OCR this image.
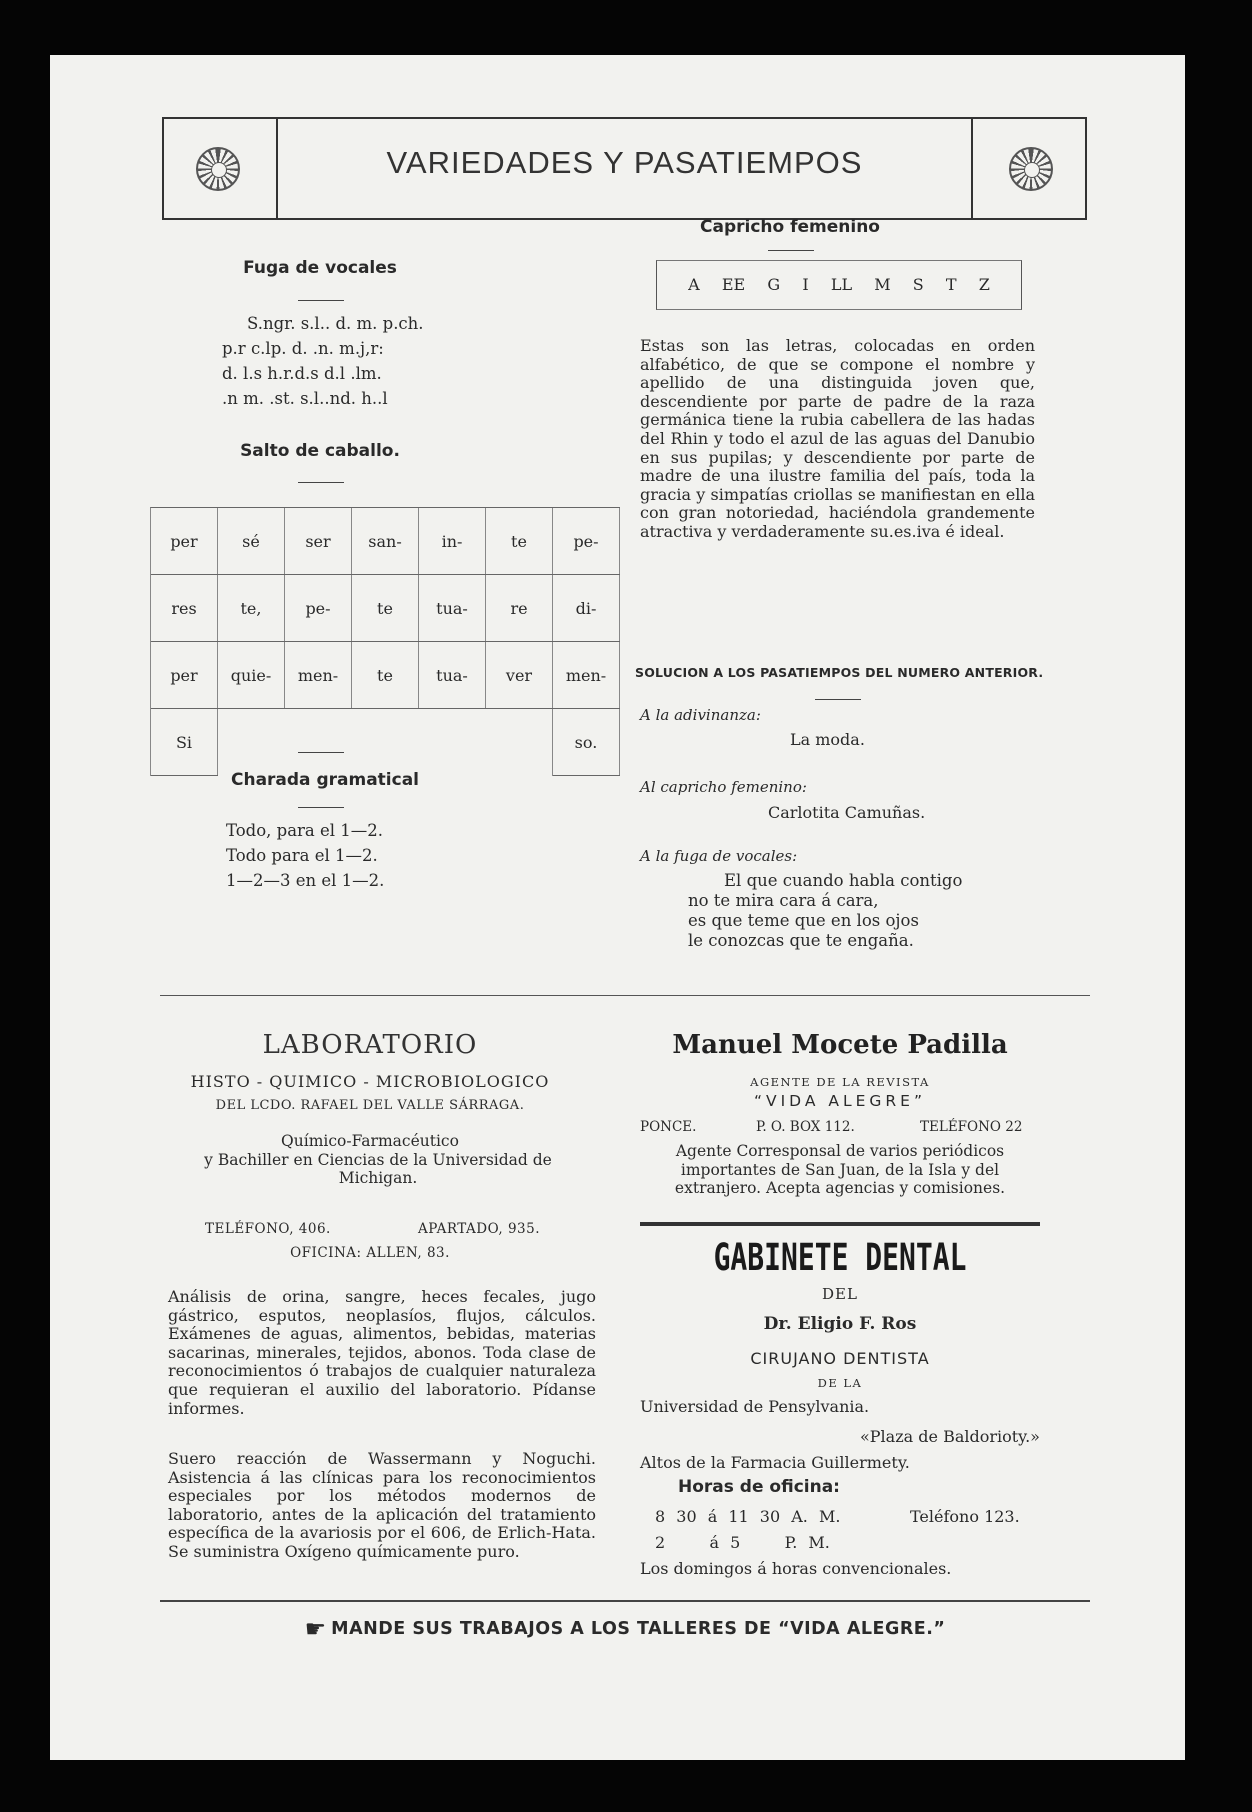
VARIEDADES Y PASATIEMPOS
Fuga de vocales
S.ngr. s.l.. d. m. p.ch.
p.r c.lp. d. .n. m.j,r:
d. l.s h.r.d.s d.l .lm.
.n m. .st. s.l..nd. h..l
Salto de caballo.
per	sé	ser	san-	in-	te	pe-
res	te,	pe-	te	tua-	re	di-
per	quie-	men-	te	tua-	ver	men-
Si						so.
Charada gramatical
Todo, para el 1—2.
Todo para el 1—2.
1—2—3 en el 1—2.
Capricho femenino
A  EE  G  I  LL  M  S  T  Z
Estas son las letras, colocadas en orden alfabético, de que se compone el nombre y apellido de una distinguida joven que, descendiente por parte de padre de la raza germánica tiene la rubia cabellera de las hadas del Rhin y todo el azul de las aguas del Danubio en sus pupilas; y descendiente por parte de madre de una ilustre familia del país, toda la gracia y simpatías criollas se manifiestan en ella con gran notoriedad, haciéndola grandemente atractiva y verdaderamente su.es.iva é ideal.
SOLUCION A LOS PASATIEMPOS DEL NUMERO ANTERIOR.
A la adivinanza:
La moda.
Al capricho femenino:
Carlotita Camuñas.
A la fuga de vocales:
El que cuando habla contigo
no te mira cara á cara,
es que teme que en los ojos
le conozcas que te engaña.
LABORATORIO
HISTO - QUIMICO - MICROBIOLOGICO
DEL LCDO. RAFAEL DEL VALLE SÁRRAGA.
Químico-Farmacéutico
y Bachiller en Ciencias de la Universidad de Michigan.
TELÉFONO, 406.	APARTADO, 935.
OFICINA: ALLEN, 83.
Análisis de orina, sangre, heces fecales, jugo gástrico, esputos, neoplasíos, flujos, cálculos. Exámenes de aguas, alimentos, bebidas, materias sacarinas, minerales, tejidos, abonos. Toda clase de reconocimientos ó trabajos de cualquier naturaleza que requieran el auxilio del laboratorio. Pídanse informes.
Suero reacción de Wassermann y Noguchi. Asistencia á las clínicas para los reconocimientos especiales por los métodos modernos de laboratorio, antes de la aplicación del tratamiento específica de la avariosis por el 606, de Erlich-Hata. Se suministra Oxígeno químicamente puro.
Manuel Mocete Padilla
AGENTE DE LA REVISTA
“VIDA ALEGRE”
PONCE.	P. O. BOX 112.	TELÉFONO 22
Agente Corresponsal de varios periódicos importantes de San Juan, de la Isla y del extranjero. Acepta agencias y comisiones.
GABINETE DENTAL
DEL
Dr. Eligio F. Ros
CIRUJANO DENTISTA
DE LA
Universidad de Pensylvania.
«Plaza de Baldorioty.»
Altos de la Farmacia Guillermety.
Horas de oficina:
8 30 á 11 30 A. M.	Teléfono 123.
2    á 5    P. M.
Los domingos á horas convencionales.
☛ MANDE SUS TRABAJOS A LOS TALLERES DE “VIDA ALEGRE.”
